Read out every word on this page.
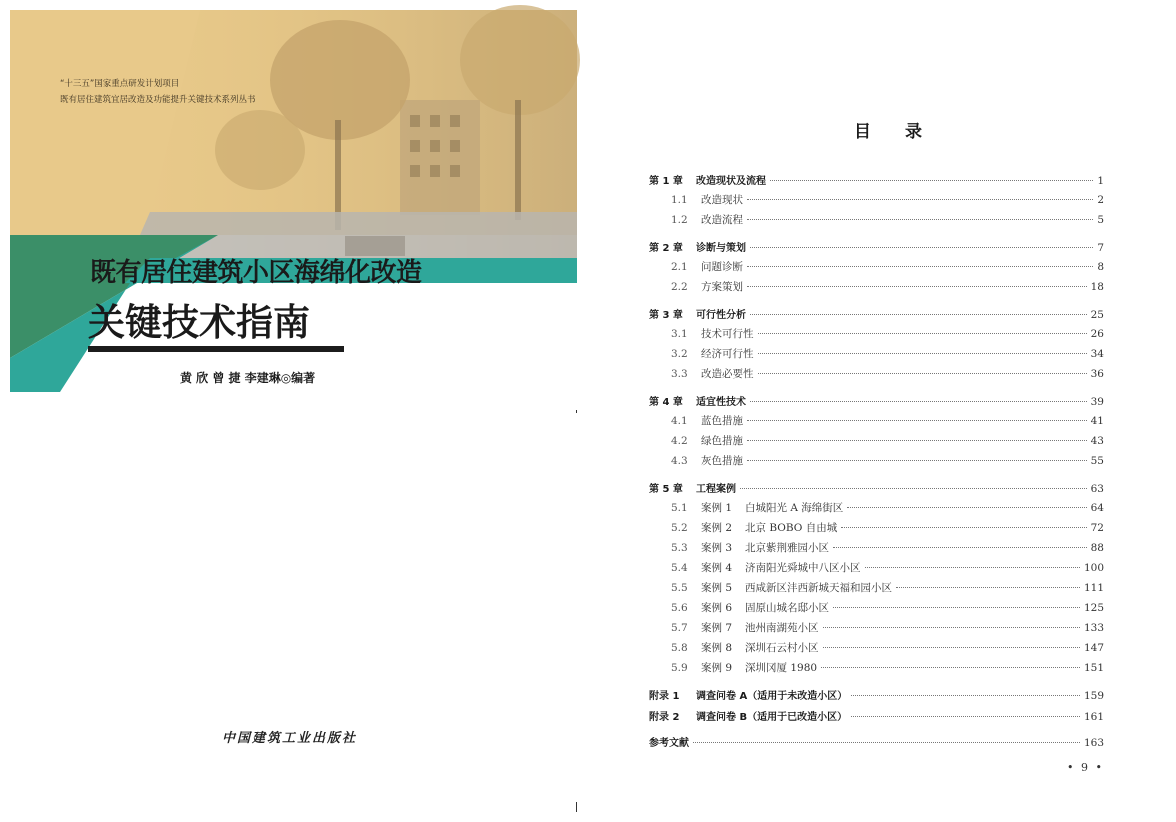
“十三五”国家重点研发计划项目
既有居住建筑宜居改造及功能提升关键技术系列丛书
既有居住建筑小区海绵化改造
关键技术指南
黄 欣 曾 捷 李建琳◎编著
中国建筑工业出版社
目　　录
第 1 章	改造现状及流程	1
1.1	改造现状	2
1.2	改造流程	5
第 2 章	诊断与策划	7
2.1	问题诊断	8
2.2	方案策划	18
第 3 章	可行性分析	25
3.1	技术可行性	26
3.2	经济可行性	34
3.3	改造必要性	36
第 4 章	适宜性技术	39
4.1	蓝色措施	41
4.2	绿色措施	43
4.3	灰色措施	55
第 5 章	工程案例	63
5.1	案例 1	白城阳光 A 海绵街区	64
5.2	案例 2	北京 BOBO 自由城	72
5.3	案例 3	北京紫荆雅园小区	88
5.4	案例 4	济南阳光舜城中八区小区	100
5.5	案例 5	西咸新区沣西新城天福和园小区	111
5.6	案例 6	固原山城名邸小区	125
5.7	案例 7	池州南湖苑小区	133
5.8	案例 8	深圳石云村小区	147
5.9	案例 9	深圳冈厦 1980	151
附录 1	调查问卷 A（适用于未改造小区）	159
附录 2	调查问卷 B（适用于已改造小区）	161
参考文献	163
• 9 •
